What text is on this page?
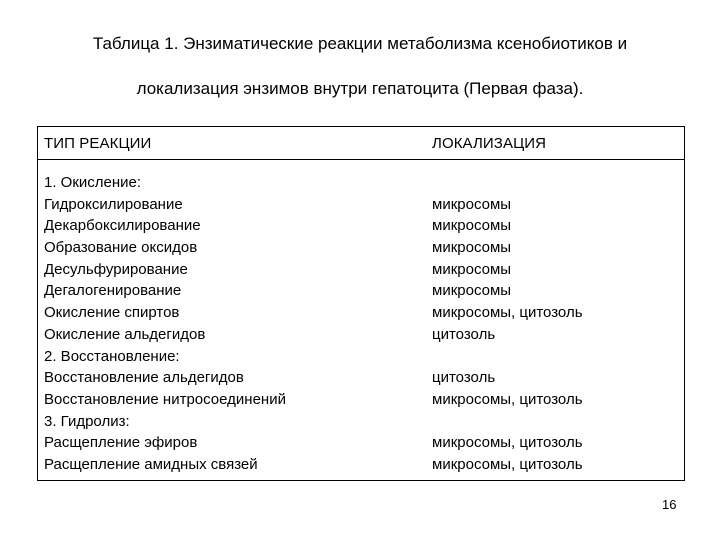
Таблица 1. Энзиматические реакции метаболизма ксенобиотиков и
локализация энзимов внутри гепатоцита (Первая фаза).
ТИП РЕАКЦИИ	ЛОКАЛИЗАЦИЯ
1. Окисление:
Гидроксилирование
Декарбоксилирование
Образование оксидов
Десульфурирование
Дегалогенирование
Окисление спиртов
Окисление альдегидов
2. Восстановление:
Восстановление альдегидов
Восстановление нитросоединений
3. Гидролиз:
Расщепление эфиров
Расщепление амидных связей
микросомы
микросомы
микросомы
микросомы
микросомы
микросомы, цитозоль
цитозоль
цитозоль
микросомы, цитозоль
микросомы, цитозоль
микросомы, цитозоль
16
